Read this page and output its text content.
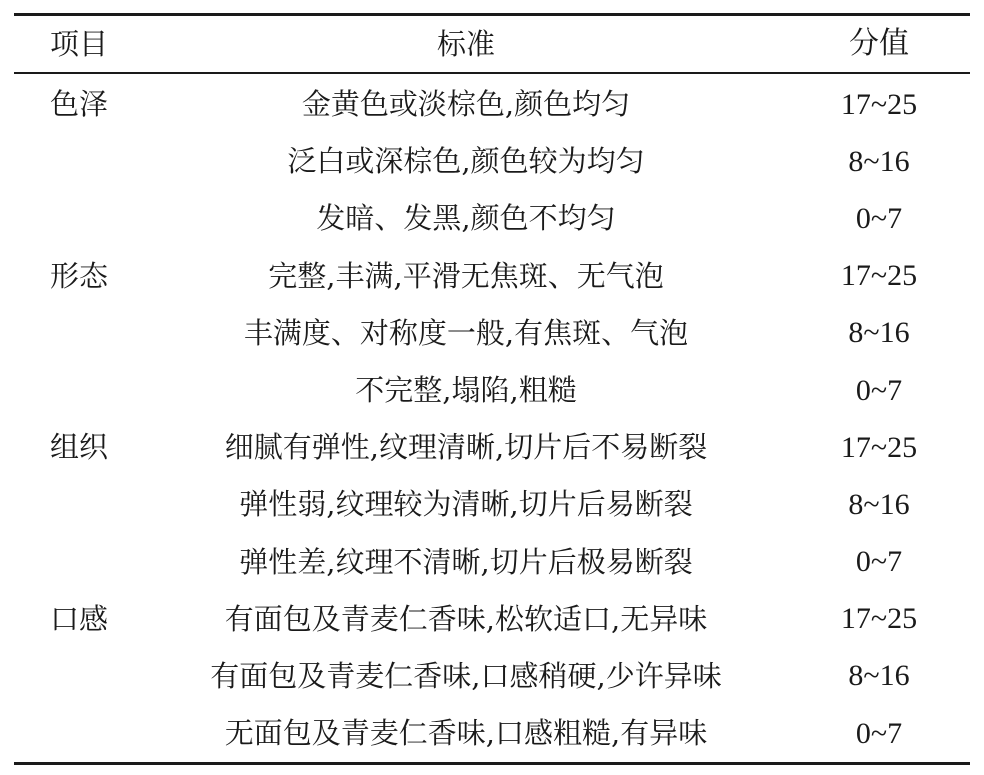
项目	标准	分值
色泽	金黄色或淡棕色,颜色均匀	17~25
	泛白或深棕色,颜色较为均匀	8~16
	发暗、发黑,颜色不均匀	0~7
形态	完整,丰满,平滑无焦斑、无气泡	17~25
	丰满度、对称度一般,有焦斑、气泡	8~16
	不完整,塌陷,粗糙	0~7
组织	细腻有弹性,纹理清晰,切片后不易断裂	17~25
	弹性弱,纹理较为清晰,切片后易断裂	8~16
	弹性差,纹理不清晰,切片后极易断裂	0~7
口感	有面包及青麦仁香味,松软适口,无异味	17~25
	有面包及青麦仁香味,口感稍硬,少许异味	8~16
	无面包及青麦仁香味,口感粗糙,有异味	0~7
